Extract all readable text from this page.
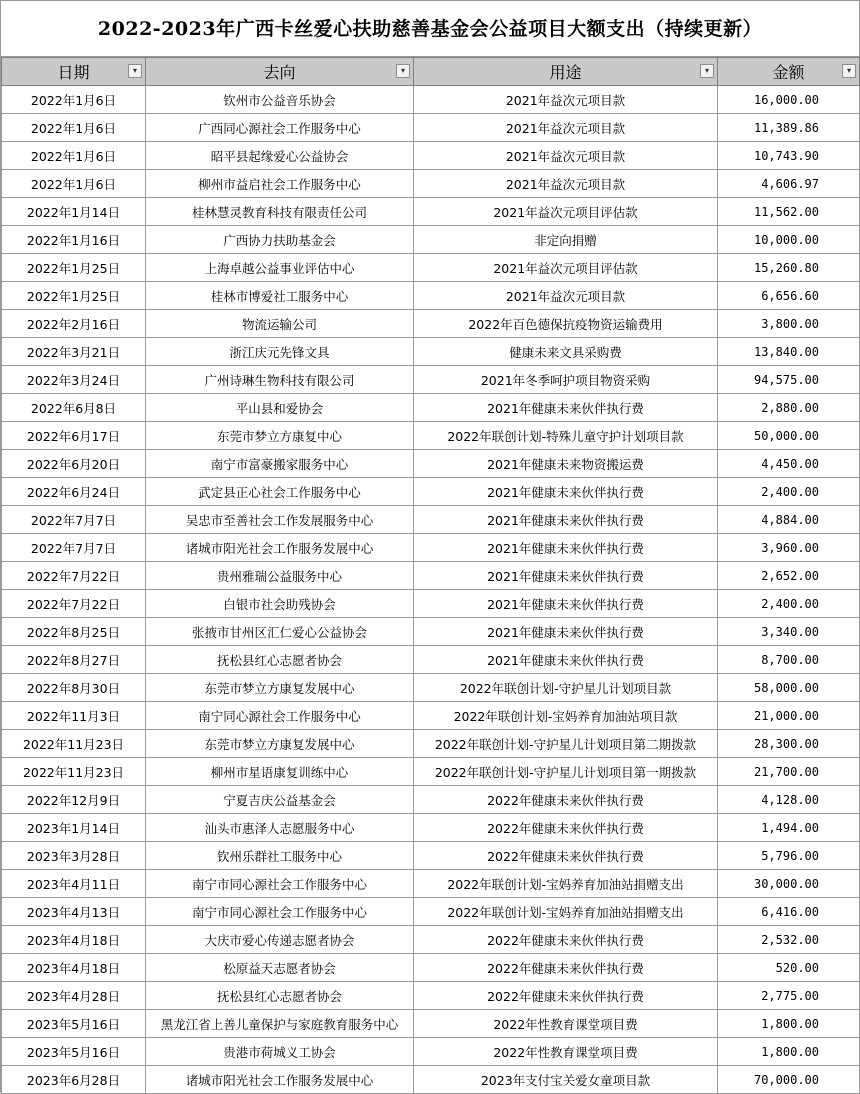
2022-2023年广西卡丝爱心扶助慈善基金会公益项目大额支出（持续更新）
日期 ▾	去向 ▾	用途 ▾	金额 ▾

2022年1月6日	钦州市公益音乐协会	2021年益次元项目款	16,000.00
2022年1月6日	广西同心源社会工作服务中心	2021年益次元项目款	11,389.86
2022年1月6日	昭平县起缘爱心公益协会	2021年益次元项目款	10,743.90
2022年1月6日	柳州市益启社会工作服务中心	2021年益次元项目款	4,606.97
2022年1月14日	桂林慧灵教育科技有限责任公司	2021年益次元项目评估款	11,562.00
2022年1月16日	广西协力扶助基金会	非定向捐赠	10,000.00
2022年1月25日	上海卓越公益事业评估中心	2021年益次元项目评估款	15,260.80
2022年1月25日	桂林市博爱社工服务中心	2021年益次元项目款	6,656.60
2022年2月16日	物流运输公司	2022年百色德保抗疫物资运输费用	3,800.00
2022年3月21日	浙江庆元先锋文具	健康未来文具采购费	13,840.00
2022年3月24日	广州诗琳生物科技有限公司	2021年冬季呵护项目物资采购	94,575.00
2022年6月8日	平山县和爱协会	2021年健康未来伙伴执行费	2,880.00
2022年6月17日	东莞市梦立方康复中心	2022年联创计划-特殊儿童守护计划项目款	50,000.00
2022年6月20日	南宁市富豪搬家服务中心	2021年健康未来物资搬运费	4,450.00
2022年6月24日	武定县正心社会工作服务中心	2021年健康未来伙伴执行费	2,400.00
2022年7月7日	吴忠市至善社会工作发展服务中心	2021年健康未来伙伴执行费	4,884.00
2022年7月7日	诸城市阳光社会工作服务发展中心	2021年健康未来伙伴执行费	3,960.00
2022年7月22日	贵州雅瑞公益服务中心	2021年健康未来伙伴执行费	2,652.00
2022年7月22日	白银市社会助残协会	2021年健康未来伙伴执行费	2,400.00
2022年8月25日	张掖市甘州区汇仁爱心公益协会	2021年健康未来伙伴执行费	3,340.00
2022年8月27日	抚松县红心志愿者协会	2021年健康未来伙伴执行费	8,700.00
2022年8月30日	东莞市梦立方康复发展中心	2022年联创计划-守护星儿计划项目款	58,000.00
2022年11月3日	南宁同心源社会工作服务中心	2022年联创计划-宝妈养育加油站项目款	21,000.00
2022年11月23日	东莞市梦立方康复发展中心	2022年联创计划-守护星儿计划项目第二期拨款	28,300.00
2022年11月23日	柳州市星语康复训练中心	2022年联创计划-守护星儿计划项目第一期拨款	21,700.00
2022年12月9日	宁夏吉庆公益基金会	2022年健康未来伙伴执行费	4,128.00
2023年1月14日	汕头市惠泽人志愿服务中心	2022年健康未来伙伴执行费	1,494.00
2023年3月28日	钦州乐群社工服务中心	2022年健康未来伙伴执行费	5,796.00
2023年4月11日	南宁市同心源社会工作服务中心	2022年联创计划-宝妈养育加油站捐赠支出	30,000.00
2023年4月13日	南宁市同心源社会工作服务中心	2022年联创计划-宝妈养育加油站捐赠支出	6,416.00
2023年4月18日	大庆市爱心传递志愿者协会	2022年健康未来伙伴执行费	2,532.00
2023年4月18日	松原益天志愿者协会	2022年健康未来伙伴执行费	520.00
2023年4月28日	抚松县红心志愿者协会	2022年健康未来伙伴执行费	2,775.00
2023年5月16日	黑龙江省上善儿童保护与家庭教育服务中心	2022年性教育课堂项目费	1,800.00
2023年5月16日	贵港市荷城义工协会	2022年性教育课堂项目费	1,800.00
2023年6月28日	诸城市阳光社会工作服务发展中心	2023年支付宝关爱女童项目款	70,000.00
